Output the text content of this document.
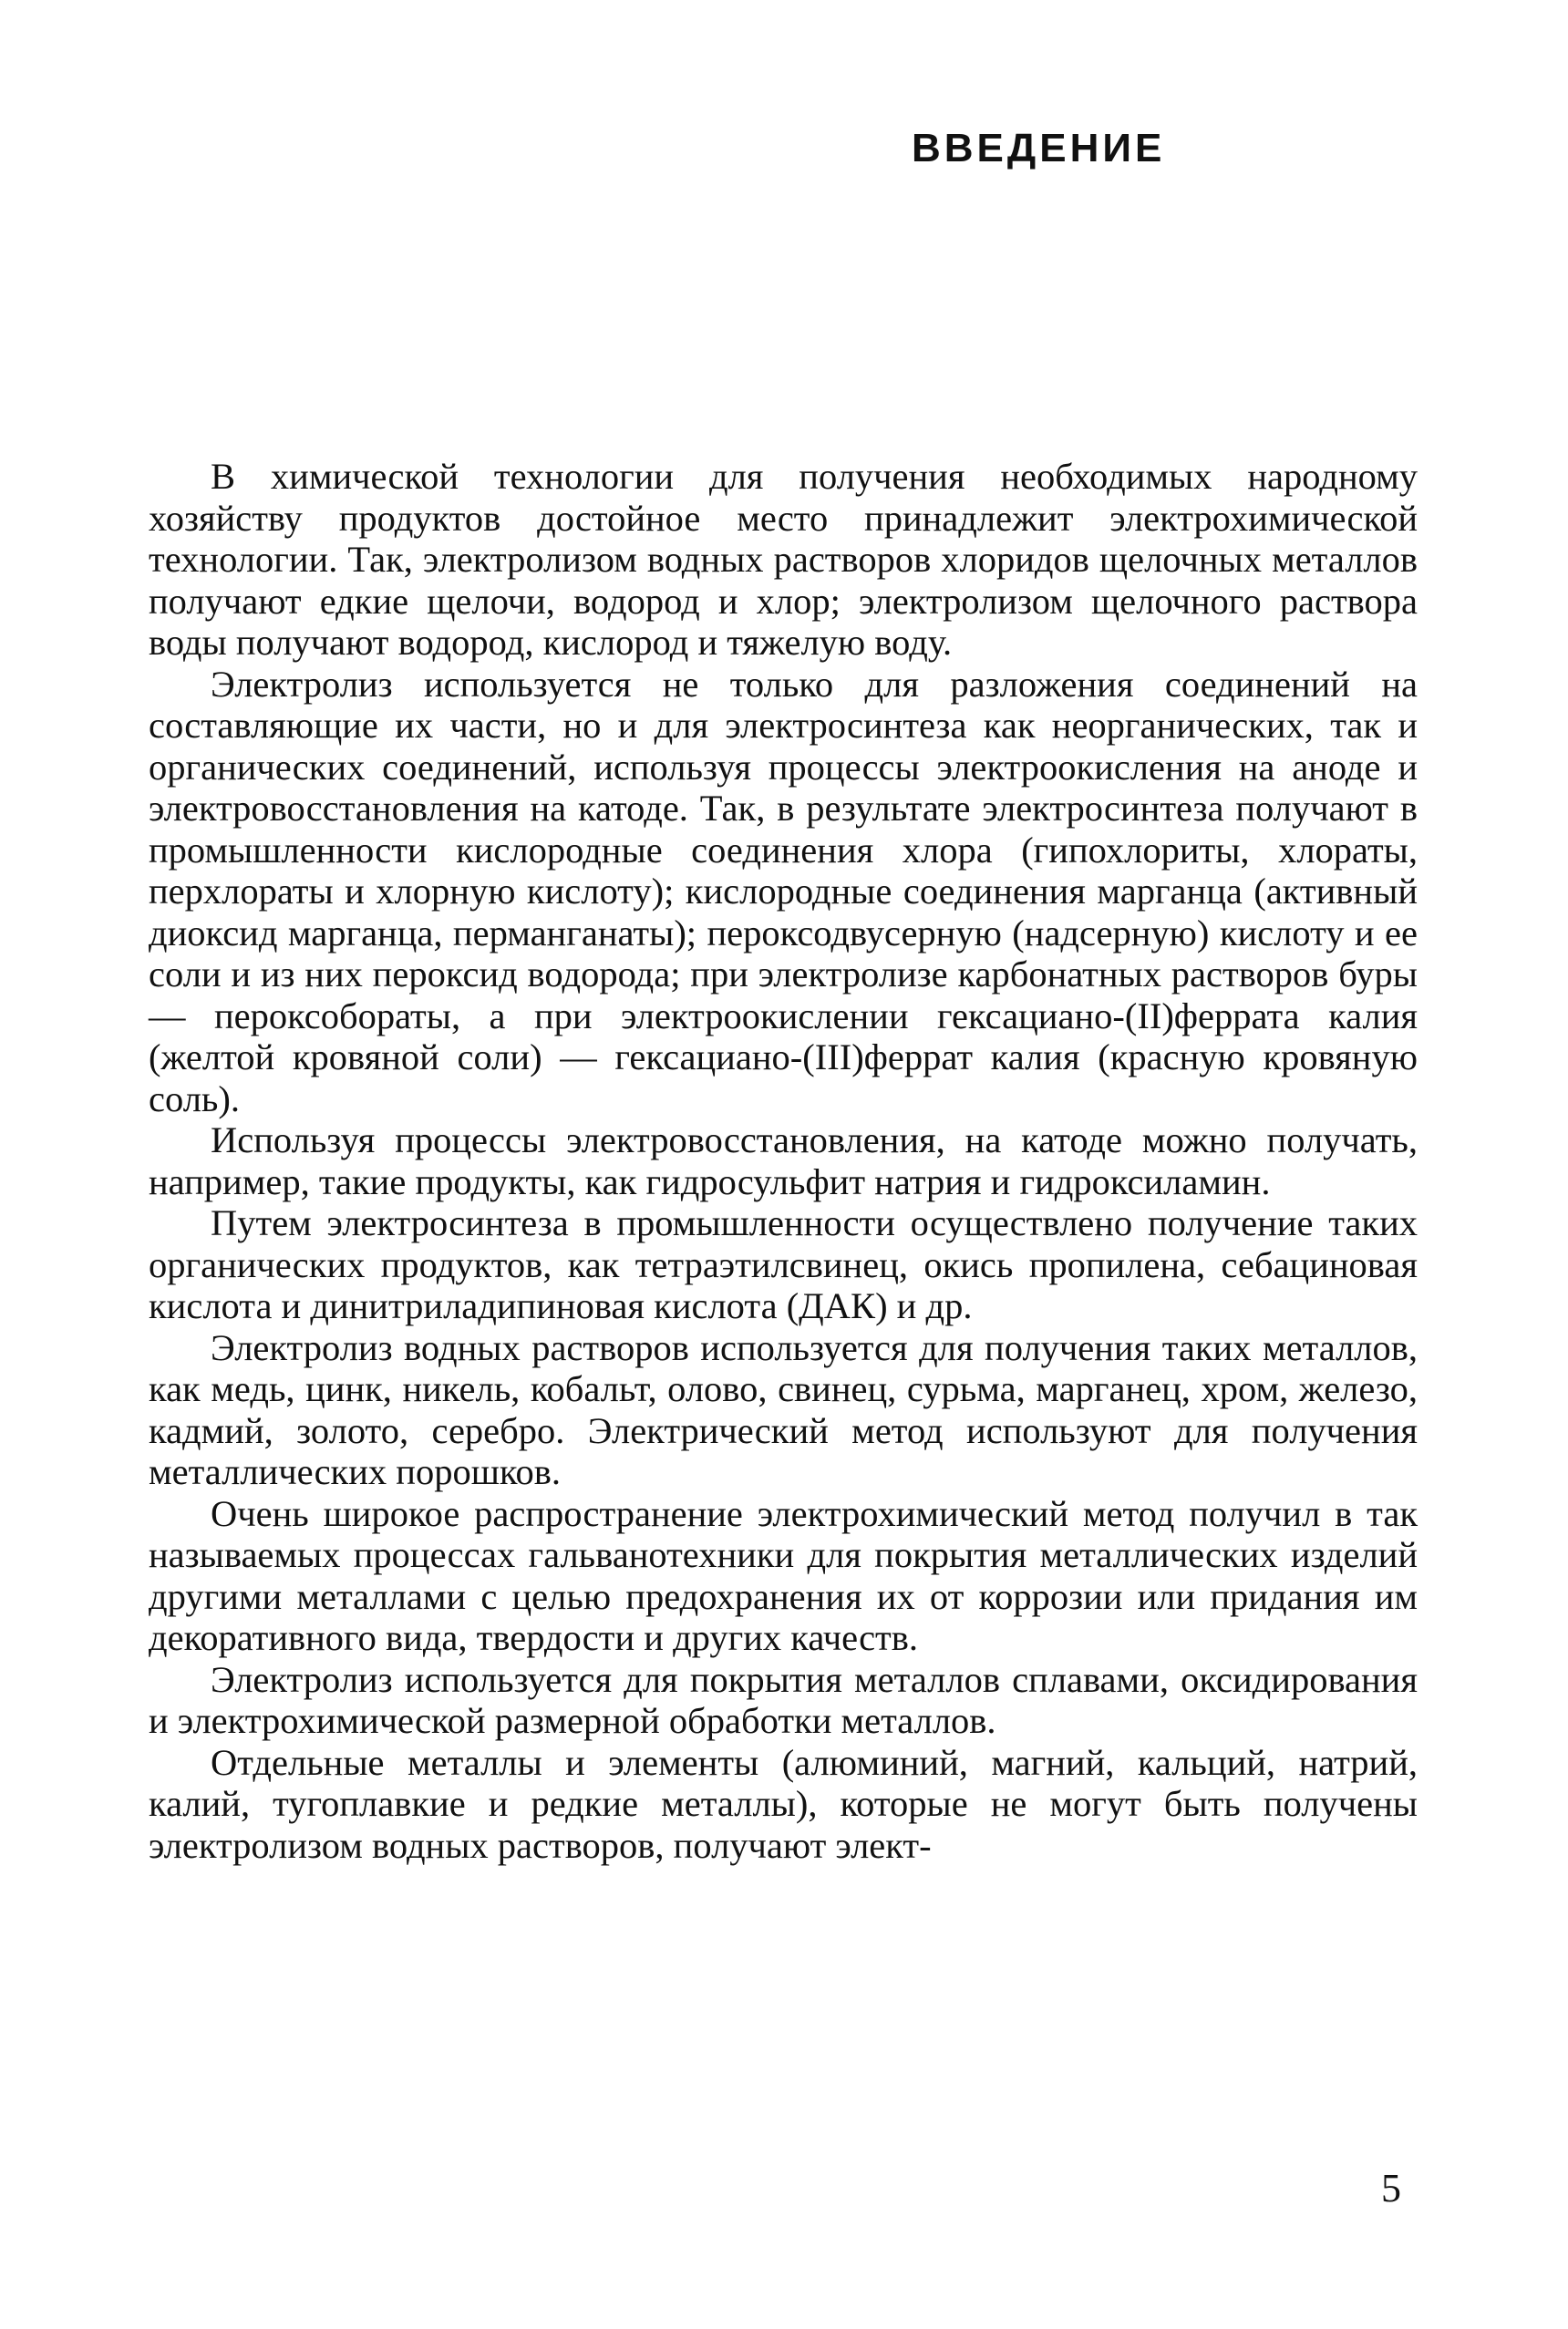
ВВЕДЕНИЕ

В химической технологии для получения необходимых народному хозяйству продуктов достойное место принадлежит электрохимической технологии. Так, электролизом водных растворов хлоридов щелочных металлов получают едкие щелочи, водород и хлор; электролизом щелочного раствора воды получают водород, кислород и тяжелую воду.

Электролиз используется не только для разложения соединений на составляющие их части, но и для электросинтеза как неорганических, так и органических соединений, используя процессы электроокисления на аноде и электровосстановления на катоде. Так, в результате электросинтеза получают в промышленности кислородные соединения хлора (гипохлориты, хлораты, перхлораты и хлорную кислоту); кислородные соединения марганца (активный диоксид марганца, перманганаты); пероксодвусерную (надсерную) кислоту и ее соли и из них пероксид водорода; при электролизе карбонатных растворов буры — пероксобораты, а при электроокислении гексациано-(II)феррата калия (желтой кровяной соли) — гексациано-(III)феррат калия (красную кровяную соль).

Используя процессы электровосстановления, на катоде можно получать, например, такие продукты, как гидросульфит натрия и гидроксиламин.

Путем электросинтеза в промышленности осуществлено получение таких органических продуктов, как тетраэтилсвинец, окись пропилена, себациновая кислота и динитриладипиновая кислота (ДАК) и др.

Электролиз водных растворов используется для получения таких металлов, как медь, цинк, никель, кобальт, олово, свинец, сурьма, марганец, хром, железо, кадмий, золото, серебро. Электрический метод используют для получения металлических порошков.

Очень широкое распространение электрохимический метод получил в так называемых процессах гальванотехники для покрытия металлических изделий другими металлами с целью предохранения их от коррозии или придания им декоративного вида, твердости и других качеств.

Электролиз используется для покрытия металлов сплавами, оксидирования и электрохимической размерной обработки металлов.

Отдельные металлы и элементы (алюминий, магний, кальций, натрий, калий, тугоплавкие и редкие металлы), которые не могут быть получены электролизом водных растворов, получают элект-

5
